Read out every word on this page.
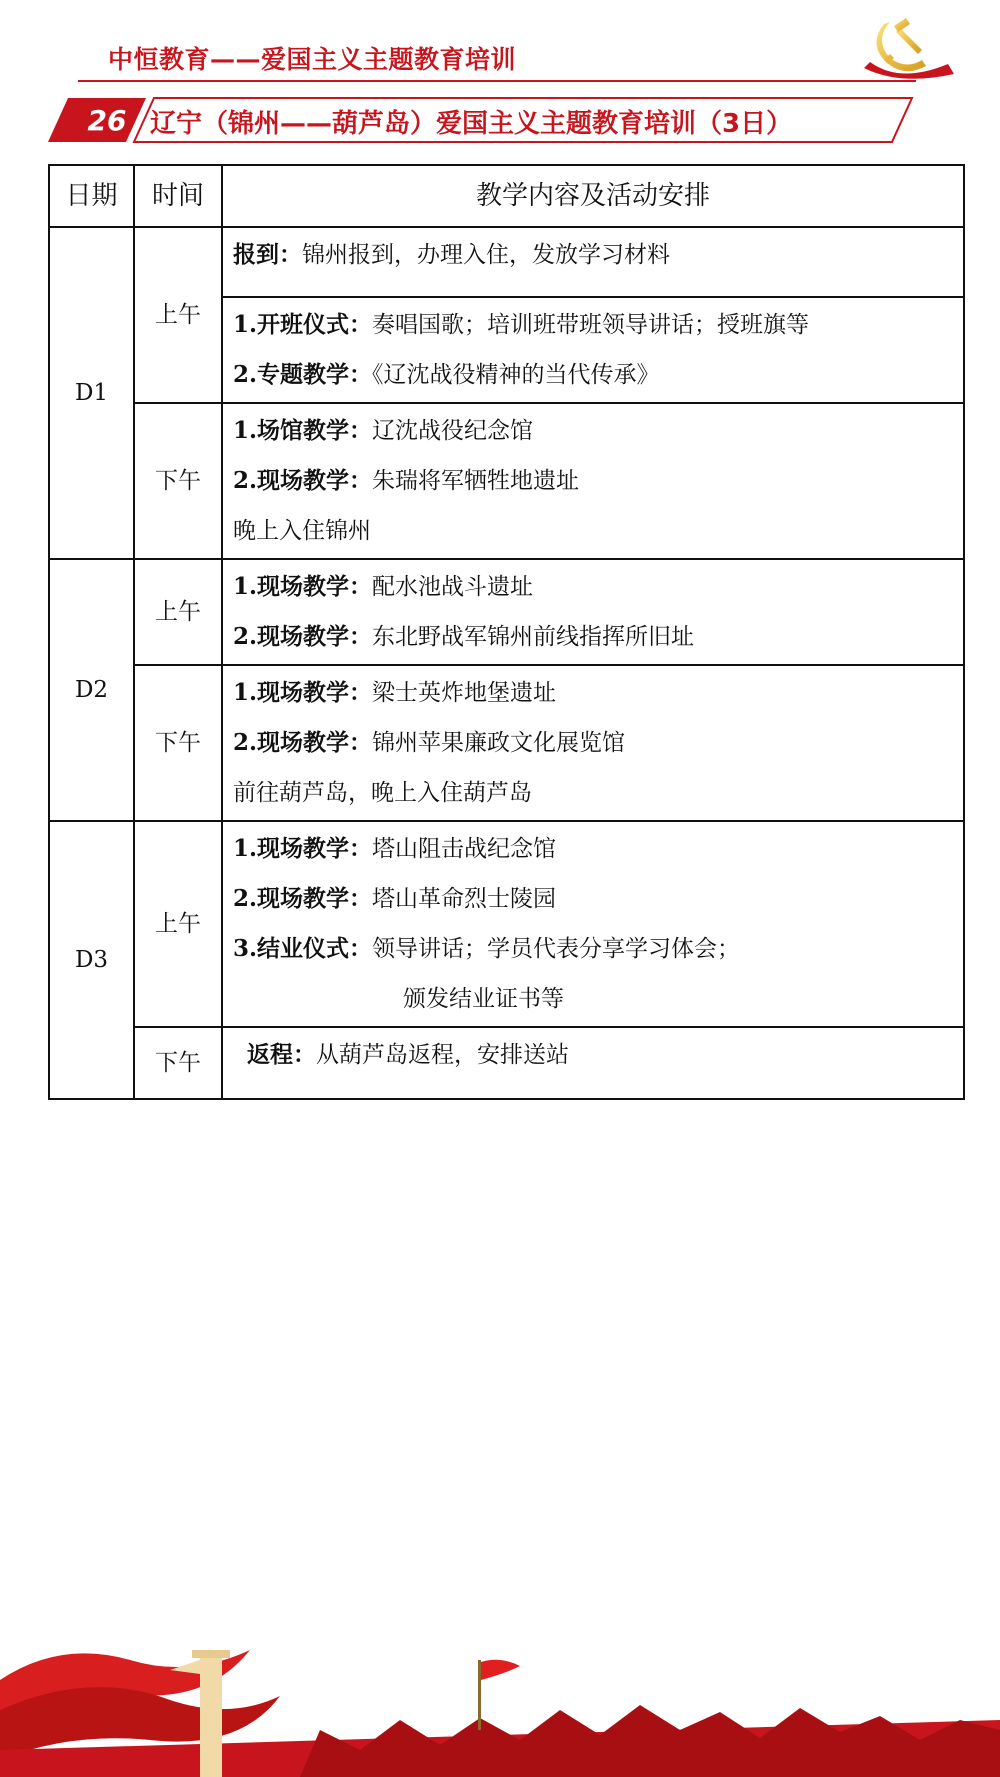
中恒教育——爱国主义主题教育培训
26 辽宁（锦州——葫芦岛）爱国主义主题教育培训（3日）
日期	时间	教学内容及活动安排
D1	上午	报到：锦州报到，办理入住，发放学习材料

		1.开班仪式：奏唱国歌；培训班带班领导讲话；授班旗等
2.专题教学：《辽沈战役精神的当代传承》

	下午	1.场馆教学：辽沈战役纪念馆
2.现场教学：朱瑞将军牺牲地遗址
晚上入住锦州

D2	上午	1.现场教学：配水池战斗遗址
2.现场教学：东北野战军锦州前线指挥所旧址

	下午	1.现场教学：梁士英炸地堡遗址
2.现场教学：锦州苹果廉政文化展览馆
前往葫芦岛，晚上入住葫芦岛

D3	上午	1.现场教学：塔山阻击战纪念馆
2.现场教学：塔山革命烈士陵园
3.结业仪式：领导讲话；学员代表分享学习体会；
颁发结业证书等

	下午	返程：从葫芦岛返程，安排送站
